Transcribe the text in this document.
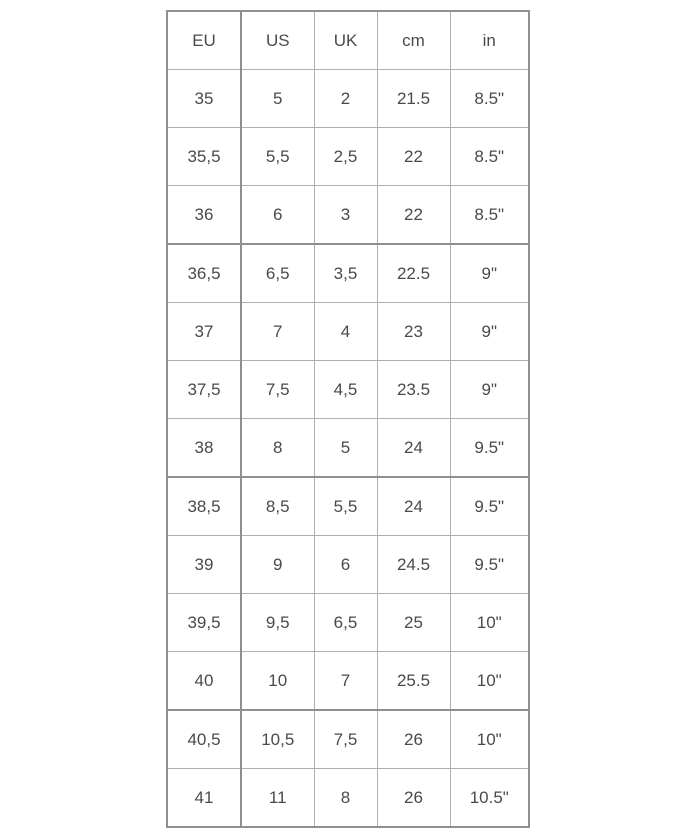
EU	US	UK	cm	in
35	5	2	21.5	8.5"
35,5	5,5	2,5	22	8.5"
36	6	3	22	8.5"
36,5	6,5	3,5	22.5	9"
37	7	4	23	9"
37,5	7,5	4,5	23.5	9"
38	8	5	24	9.5"
38,5	8,5	5,5	24	9.5"
39	9	6	24.5	9.5"
39,5	9,5	6,5	25	10"
40	10	7	25.5	10"
40,5	10,5	7,5	26	10"
41	11	8	26	10.5"
